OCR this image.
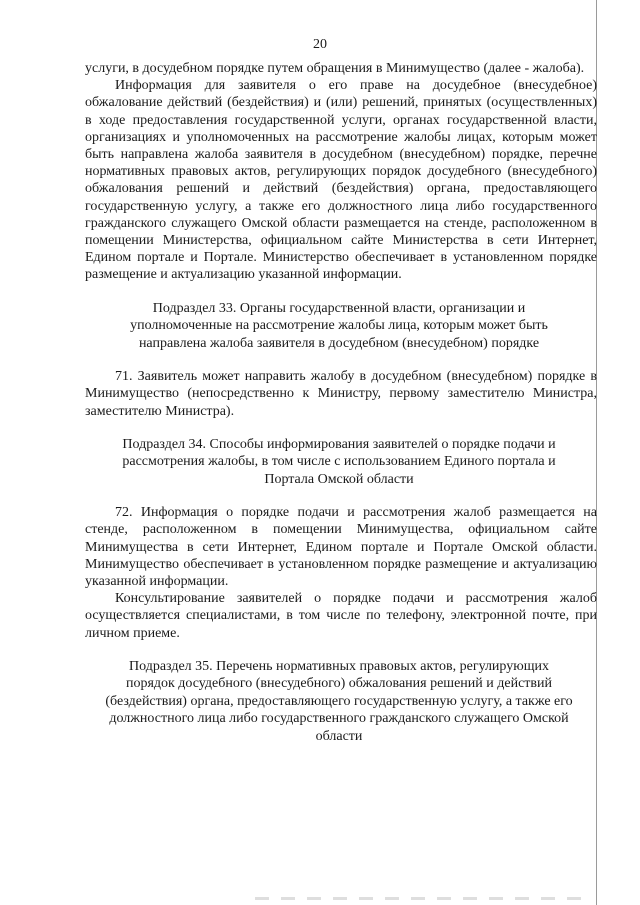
20

услуги, в досудебном порядке путем обращения в Минимущество (далее - жалоба).

Информация для заявителя о его праве на досудебное (внесудебное) обжалование действий (бездействия) и (или) решений, принятых (осуществленных) в ходе предоставления государственной услуги, органах государственной власти, организациях и уполномоченных на рассмотрение жалобы лицах, которым может быть направлена жалоба заявителя в досудебном (внесудебном) порядке, перечне нормативных правовых актов, регулирующих порядок досудебного (внесудебного) обжалования решений и действий (бездействия) органа, предоставляющего государственную услугу, а также его должностного лица либо государственного гражданского служащего Омской области размещается на стенде, расположенном в помещении Министерства, официальном сайте Министерства в сети Интернет, Едином портале и Портале. Министерство обеспечивает в установленном порядке размещение и актуализацию указанной информации.

Подраздел 33. Органы государственной власти, организации и уполномоченные на рассмотрение жалобы лица, которым может быть направлена жалоба заявителя в досудебном (внесудебном) порядке

71. Заявитель может направить жалобу в досудебном (внесудебном) порядке в Минимущество (непосредственно к Министру, первому заместителю Министра, заместителю Министра).

Подраздел 34. Способы информирования заявителей о порядке подачи и рассмотрения жалобы, в том числе с использованием Единого портала и Портала Омской области

72. Информация о порядке подачи и рассмотрения жалоб размещается на стенде, расположенном в помещении Минимущества, официальном сайте Минимущества в сети Интернет, Едином портале и Портале Омской области. Минимущество обеспечивает в установленном порядке размещение и актуализацию указанной информации.

Консультирование заявителей о порядке подачи и рассмотрения жалоб осуществляется специалистами, в том числе по телефону, электронной почте, при личном приеме.

Подраздел 35. Перечень нормативных правовых актов, регулирующих порядок досудебного (внесудебного) обжалования решений и действий (бездействия) органа, предоставляющего государственную услугу, а также его должностного лица либо государственного гражданского служащего Омской области
